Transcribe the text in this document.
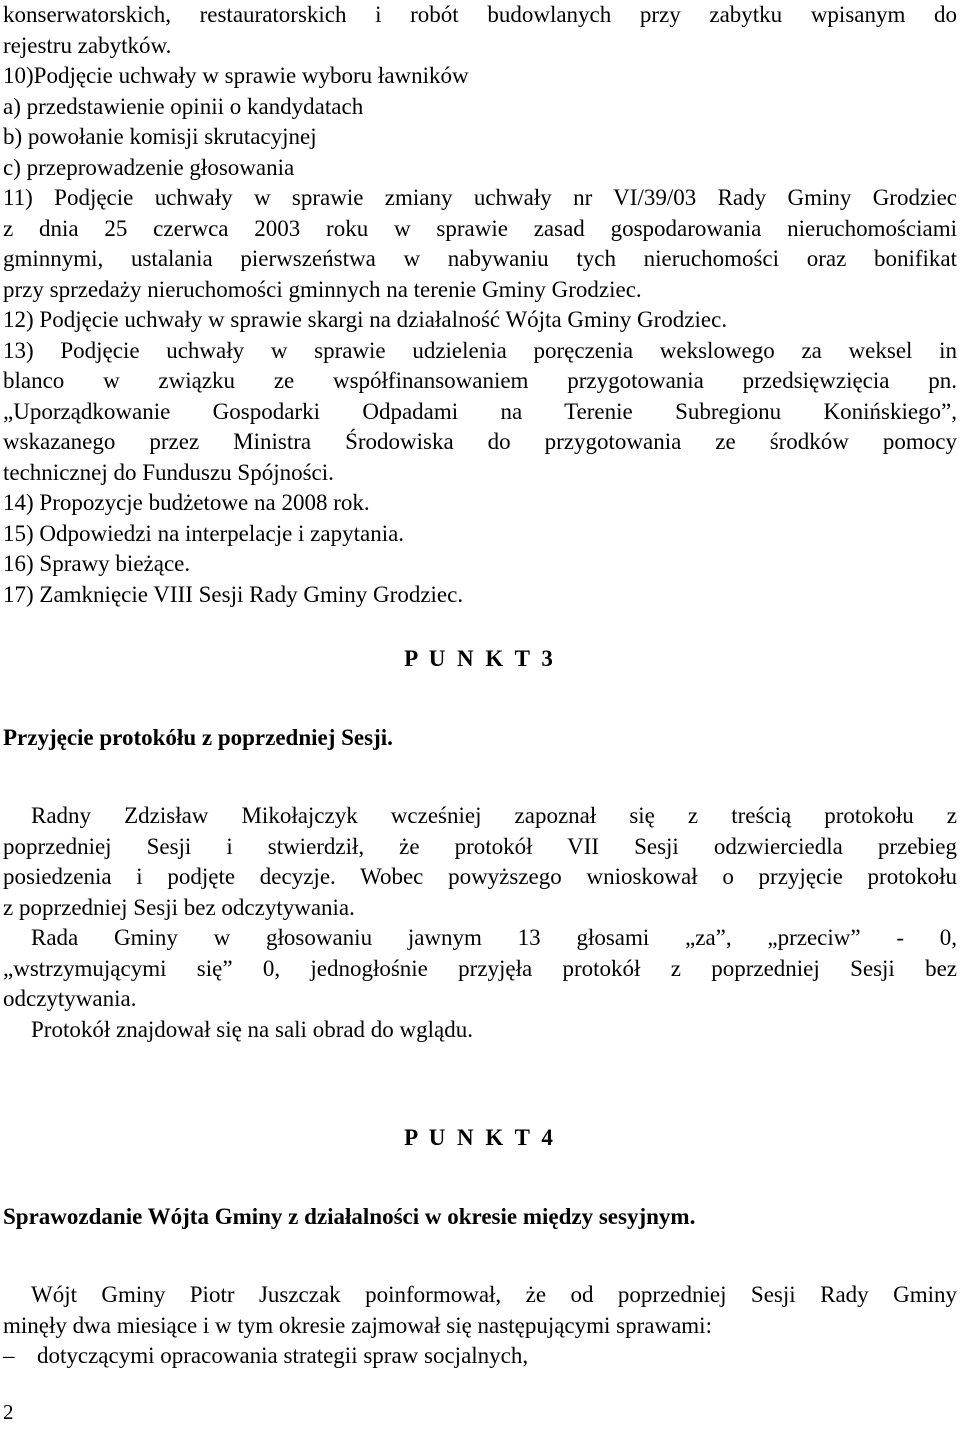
konserwatorskich, restauratorskich i robót budowlanych przy zabytku wpisanym do
rejestru zabytków.
10)Podjęcie uchwały w sprawie wyboru ławników
a) przedstawienie opinii o kandydatach
b) powołanie komisji skrutacyjnej
c) przeprowadzenie głosowania
11) Podjęcie uchwały w sprawie zmiany uchwały nr VI/39/03 Rady Gminy Grodziec
z dnia 25 czerwca 2003 roku w sprawie zasad gospodarowania nieruchomościami
gminnymi, ustalania pierwszeństwa w nabywaniu tych nieruchomości oraz bonifikat
przy sprzedaży nieruchomości gminnych na terenie Gminy Grodziec.
12) Podjęcie uchwały w sprawie skargi na działalność Wójta Gminy Grodziec.
13) Podjęcie uchwały w sprawie udzielenia poręczenia wekslowego za weksel in
blanco w związku ze współfinansowaniem przygotowania przedsięwzięcia pn.
„Uporządkowanie Gospodarki Odpadami na Terenie Subregionu Konińskiego”,
wskazanego przez Ministra Środowiska do przygotowania ze środków pomocy
technicznej do Funduszu Spójności.
14) Propozycje budżetowe na 2008 rok.
15) Odpowiedzi na interpelacje i zapytania.
16) Sprawy bieżące.
17) Zamknięcie VIII Sesji Rady Gminy Grodziec.
P U N K T 3
Przyjęcie protokółu z poprzedniej Sesji.
Radny Zdzisław Mikołajczyk wcześniej zapoznał się z treścią protokołu z
poprzedniej Sesji i stwierdził, że protokół VII Sesji odzwierciedla przebieg
posiedzenia i podjęte decyzje. Wobec powyższego wnioskował o przyjęcie protokołu
z poprzedniej Sesji bez odczytywania.
Rada Gminy w głosowaniu jawnym 13 głosami „za”, „przeciw” - 0,
„wstrzymującymi się” 0, jednogłośnie przyjęła protokół z poprzedniej Sesji bez
odczytywania.
Protokół znajdował się na sali obrad do wglądu.
P U N K T 4
Sprawozdanie Wójta Gminy z działalności w okresie między sesyjnym.
Wójt Gminy Piotr Juszczak poinformował, że od poprzedniej Sesji Rady Gminy
minęły dwa miesiące i w tym okresie zajmował się następującymi sprawami:
– dotyczącymi opracowania strategii spraw socjalnych,
2
